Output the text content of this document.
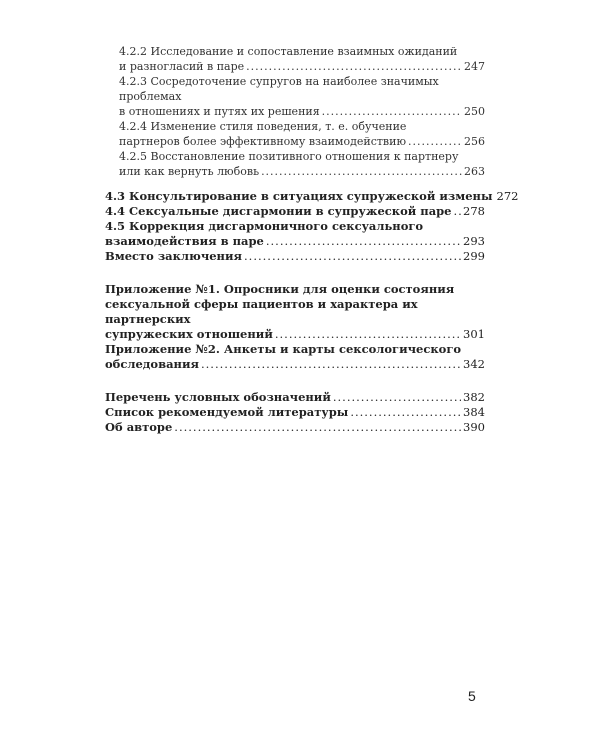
4.2.2 Исследование и сопоставление взаимных ожиданий
и разногласий в паре .....	247
4.2.3 Сосредоточение супругов на наиболее значимых проблемах
в отношениях и путях их решения .....	250
4.2.4 Изменение стиля поведения, т. е. обучение
партнеров более эффективному взаимодействию .....	256
4.2.5 Восстановление позитивного отношения к партнеру
или как вернуть любовь .....	263
4.3 Консультирование в ситуациях супружеской измены 272
4.4 Сексуальные дисгармонии в супружеской паре ..... 278
4.5 Коррекция дисгармоничного сексуального
взаимодействия в паре .....	293
Вместо заключения .....	299
Приложение №1. Опросники для оценки состояния
сексуальной сферы пациентов и характера их партнерских
супружеских отношений .....	301
Приложение №2. Анкеты и карты сексологического
обследования .....	342
Перечень условных обозначений .....	382
Список рекомендуемой литературы .....	384
Об авторе .....	390
5
